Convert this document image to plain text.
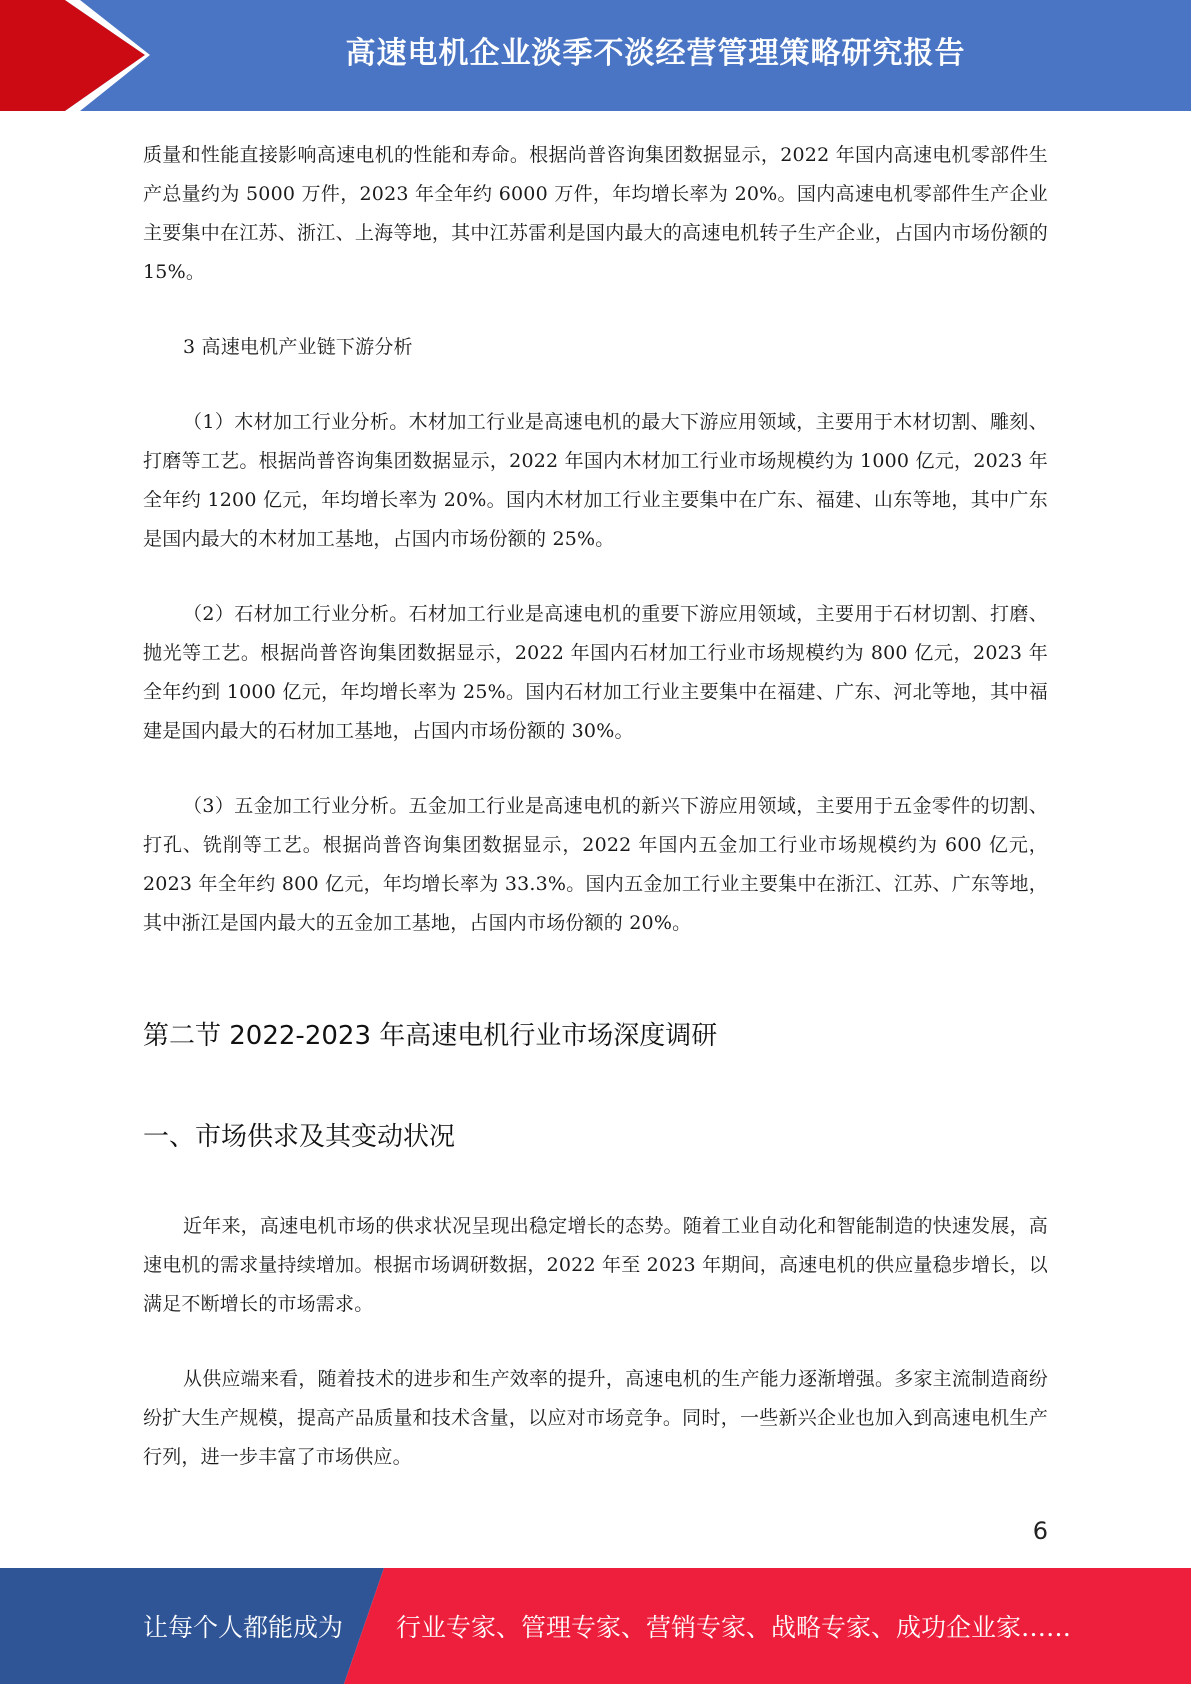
高速电机企业淡季不淡经营管理策略研究报告

质量和性能直接影响高速电机的性能和寿命。根据尚普咨询集团数据显示，2022 年国内高速电机零部件生产总量约为 5000 万件，2023 年全年约 6000 万件，年均增长率为 20%。国内高速电机零部件生产企业主要集中在江苏、浙江、上海等地，其中江苏雷利是国内最大的高速电机转子生产企业，占国内市场份额的 15%。

3 高速电机产业链下游分析

（1）木材加工行业分析。木材加工行业是高速电机的最大下游应用领域，主要用于木材切割、雕刻、打磨等工艺。根据尚普咨询集团数据显示，2022 年国内木材加工行业市场规模约为 1000 亿元，2023 年全年约 1200 亿元，年均增长率为 20%。国内木材加工行业主要集中在广东、福建、山东等地，其中广东是国内最大的木材加工基地，占国内市场份额的 25%。

（2）石材加工行业分析。石材加工行业是高速电机的重要下游应用领域，主要用于石材切割、打磨、抛光等工艺。根据尚普咨询集团数据显示，2022 年国内石材加工行业市场规模约为 800 亿元，2023 年全年约到 1000 亿元，年均增长率为 25%。国内石材加工行业主要集中在福建、广东、河北等地，其中福建是国内最大的石材加工基地，占国内市场份额的 30%。

（3）五金加工行业分析。五金加工行业是高速电机的新兴下游应用领域，主要用于五金零件的切割、打孔、铣削等工艺。根据尚普咨询集团数据显示，2022 年国内五金加工行业市场规模约为 600 亿元，2023 年全年约 800 亿元，年均增长率为 33.3%。国内五金加工行业主要集中在浙江、江苏、广东等地，其中浙江是国内最大的五金加工基地，占国内市场份额的 20%。

第二节 2022-2023 年高速电机行业市场深度调研
一、市场供求及其变动状况

近年来，高速电机市场的供求状况呈现出稳定增长的态势。随着工业自动化和智能制造的快速发展，高速电机的需求量持续增加。根据市场调研数据，2022 年至 2023 年期间，高速电机的供应量稳步增长，以满足不断增长的市场需求。

从供应端来看，随着技术的进步和生产效率的提升，高速电机的生产能力逐渐增强。多家主流制造商纷纷扩大生产规模，提高产品质量和技术含量，以应对市场竞争。同时，一些新兴企业也加入到高速电机生产行列，进一步丰富了市场供应。

6
让每个人都能成为 行业专家、管理专家、营销专家、战略专家、成功企业家……
